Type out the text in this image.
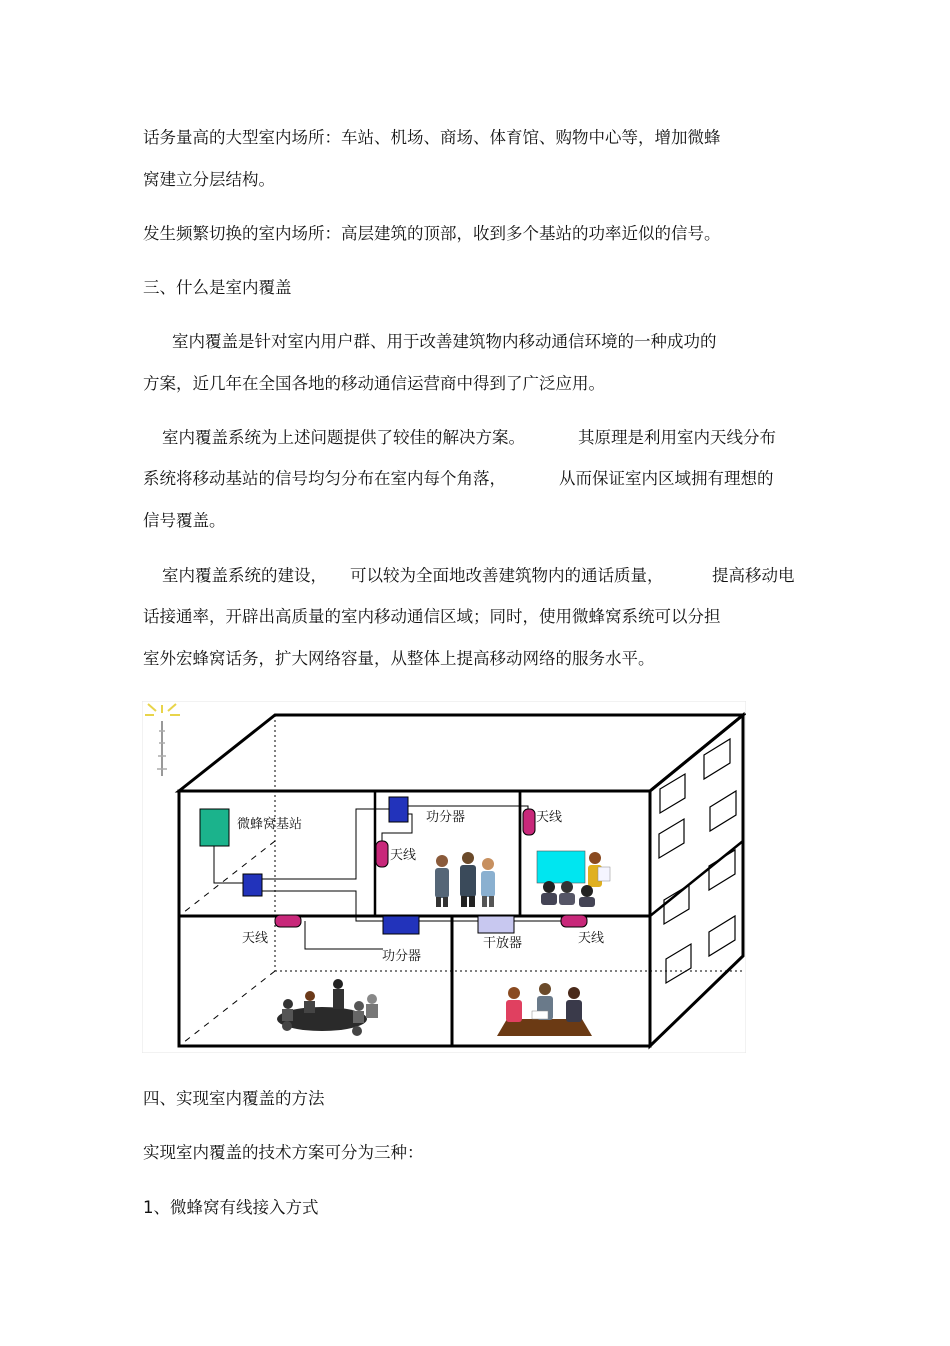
话务量高的大型室内场所：车站、机场、商场、体育馆、购物中心等，增加微蜂
窝建立分层结构。
发生频繁切换的室内场所：高层建筑的顶部，收到多个基站的功率近似的信号。
三、什么是室内覆盖
室内覆盖是针对室内用户群、用于改善建筑物内移动通信环境的一种成功的
方案，近几年在全国各地的移动通信运营商中得到了广泛应用。
室内覆盖系统为上述问题提供了较佳的解决方案。	其原理是利用室内天线分布
系统将移动基站的信号均匀分布在室内每个角落，	从而保证室内区域拥有理想的
信号覆盖。
室内覆盖系统的建设， 可以较为全面地改善建筑物内的通话质量，	提高移动电
话接通率，开辟出高质量的室内移动通信区域；同时，使用微蜂窝系统可以分担
室外宏蜂窝话务，扩大网络容量，从整体上提高移动网络的服务水平。
微蜂窝基站	功分器
天线
天线
天线
功分器
干放器	天线
四、实现室内覆盖的方法
实现室内覆盖的技术方案可分为三种：
1、微蜂窝有线接入方式
